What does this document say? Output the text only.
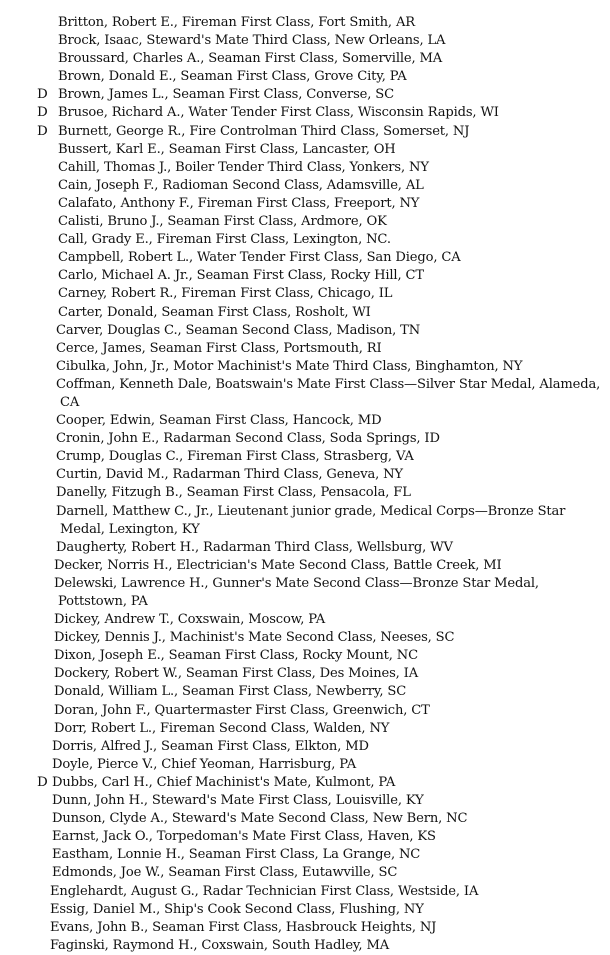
Britton, Robert E., Fireman First Class, Fort Smith, AR
Brock, Isaac, Steward's Mate Third Class, New Orleans, LA
Broussard, Charles A., Seaman First Class, Somerville, MA
Brown, Donald E., Seaman First Class, Grove City, PA
D Brown, James L., Seaman First Class, Converse, SC
D Brusoe, Richard A., Water Tender First Class, Wisconsin Rapids, WI
D Burnett, George R., Fire Controlman Third Class, Somerset, NJ
Bussert, Karl E., Seaman First Class, Lancaster, OH
Cahill, Thomas J., Boiler Tender Third Class, Yonkers, NY
Cain, Joseph F., Radioman Second Class, Adamsville, AL
Calafato, Anthony F., Fireman First Class, Freeport, NY
Calisti, Bruno J., Seaman First Class, Ardmore, OK
Call, Grady E., Fireman First Class, Lexington, NC.
Campbell, Robert L., Water Tender First Class, San Diego, CA
Carlo, Michael A. Jr., Seaman First Class, Rocky Hill, CT
Carney, Robert R., Fireman First Class, Chicago, IL
Carter, Donald, Seaman First Class, Rosholt, WI
Carver, Douglas C., Seaman Second Class, Madison, TN
Cerce, James, Seaman First Class, Portsmouth, RI
Cibulka, John, Jr., Motor Machinist's Mate Third Class, Binghamton, NY
Coffman, Kenneth Dale, Boatswain's Mate First Class—Silver Star Medal, Alameda, CA
Cooper, Edwin, Seaman First Class, Hancock, MD
Cronin, John E., Radarman Second Class, Soda Springs, ID
Crump, Douglas C., Fireman First Class, Strasberg, VA
Curtin, David M., Radarman Third Class, Geneva, NY
Danelly, Fitzugh B., Seaman First Class, Pensacola, FL
Darnell, Matthew C., Jr., Lieutenant junior grade, Medical Corps—Bronze Star Medal, Lexington, KY
Daugherty, Robert H., Radarman Third Class, Wellsburg, WV
Decker, Norris H., Electrician's Mate Second Class, Battle Creek, MI
Delewski, Lawrence H., Gunner's Mate Second Class—Bronze Star Medal, Pottstown, PA
Dickey, Andrew T., Coxswain, Moscow, PA
Dickey, Dennis J., Machinist's Mate Second Class, Neeses, SC
Dixon, Joseph E., Seaman First Class, Rocky Mount, NC
Dockery, Robert W., Seaman First Class, Des Moines, IA
Donald, William L., Seaman First Class, Newberry, SC
Doran, John F., Quartermaster First Class, Greenwich, CT
Dorr, Robert L., Fireman Second Class, Walden, NY
Dorris, Alfred J., Seaman First Class, Elkton, MD
Doyle, Pierce V., Chief Yeoman, Harrisburg, PA
D Dubbs, Carl H., Chief Machinist's Mate, Kulmont, PA
Dunn, John H., Steward's Mate First Class, Louisville, KY
Dunson, Clyde A., Steward's Mate Second Class, New Bern, NC
Earnst, Jack O., Torpedoman's Mate First Class, Haven, KS
Eastham, Lonnie H., Seaman First Class, La Grange, NC
Edmonds, Joe W., Seaman First Class, Eutawville, SC
Englehardt, August G., Radar Technician First Class, Westside, IA
Essig, Daniel M., Ship's Cook Second Class, Flushing, NY
Evans, John B., Seaman First Class, Hasbrouck Heights, NJ
Faginski, Raymond H., Coxswain, South Hadley, MA
